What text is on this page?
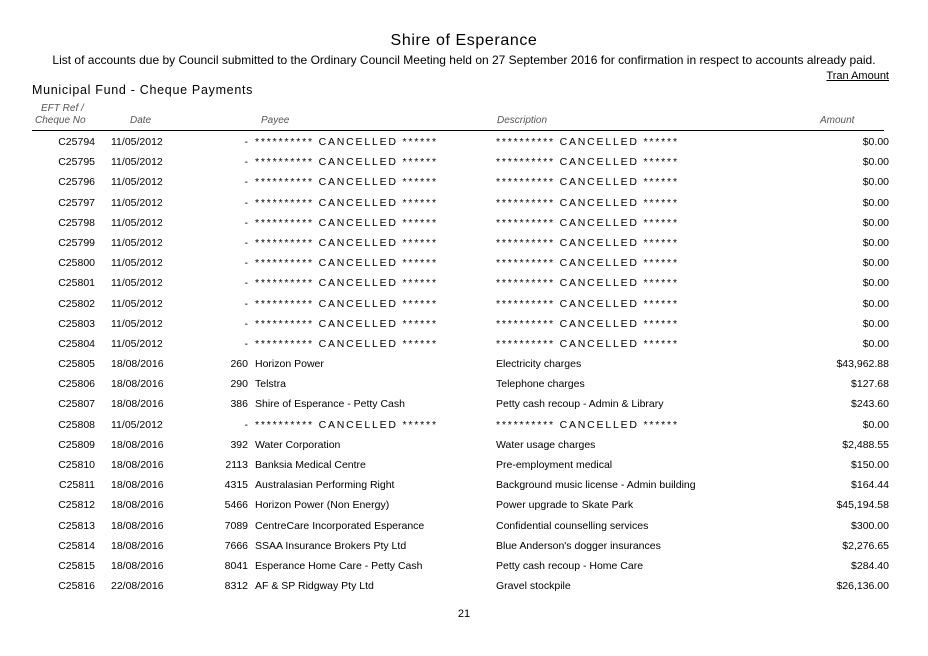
Shire of Esperance
List of accounts due by Council submitted to the Ordinary Council Meeting held on 27 September 2016 for confirmation in respect to accounts already paid.
Tran Amount
Municipal Fund - Cheque Payments
EFT Ref /
Cheque No	Date	Payee	Description	Amount
C25794 11/05/2012	- ********** CANCELLED ******	********** CANCELLED ******	$0.00
C25795 11/05/2012	- ********** CANCELLED ******	********** CANCELLED ******	$0.00
C25796 11/05/2012	- ********** CANCELLED ******	********** CANCELLED ******	$0.00
C25797 11/05/2012	- ********** CANCELLED ******	********** CANCELLED ******	$0.00
C25798 11/05/2012	- ********** CANCELLED ******	********** CANCELLED ******	$0.00
C25799 11/05/2012	- ********** CANCELLED ******	********** CANCELLED ******	$0.00
C25800 11/05/2012	- ********** CANCELLED ******	********** CANCELLED ******	$0.00
C25801 11/05/2012	- ********** CANCELLED ******	********** CANCELLED ******	$0.00
C25802 11/05/2012	- ********** CANCELLED ******	********** CANCELLED ******	$0.00
C25803 11/05/2012	- ********** CANCELLED ******	********** CANCELLED ******	$0.00
C25804 11/05/2012	- ********** CANCELLED ******	********** CANCELLED ******	$0.00
C25805 18/08/2016	260 Horizon Power	Electricity charges	$43,962.88
C25806 18/08/2016	290 Telstra	Telephone charges	$127.68
C25807 18/08/2016	386 Shire of Esperance - Petty Cash	Petty cash recoup - Admin & Library	$243.60
C25808 11/05/2012	- ********** CANCELLED ******	********** CANCELLED ******	$0.00
C25809 18/08/2016	392 Water Corporation	Water usage charges	$2,488.55
C25810 18/08/2016	2113 Banksia Medical Centre	Pre-employment medical	$150.00
C25811 18/08/2016	4315 Australasian Performing Right	Background music license - Admin building	$164.44
C25812 18/08/2016	5466 Horizon Power (Non Energy)	Power upgrade to Skate Park	$45,194.58
C25813 18/08/2016	7089 CentreCare Incorporated Esperance	Confidential counselling services	$300.00
C25814 18/08/2016	7666 SSAA Insurance Brokers Pty Ltd	Blue Anderson's dogger insurances	$2,276.65
C25815 18/08/2016	8041 Esperance Home Care - Petty Cash	Petty cash recoup - Home Care	$284.40
C25816 22/08/2016	8312 AF & SP Ridgway Pty Ltd	Gravel stockpile	$26,136.00
21
